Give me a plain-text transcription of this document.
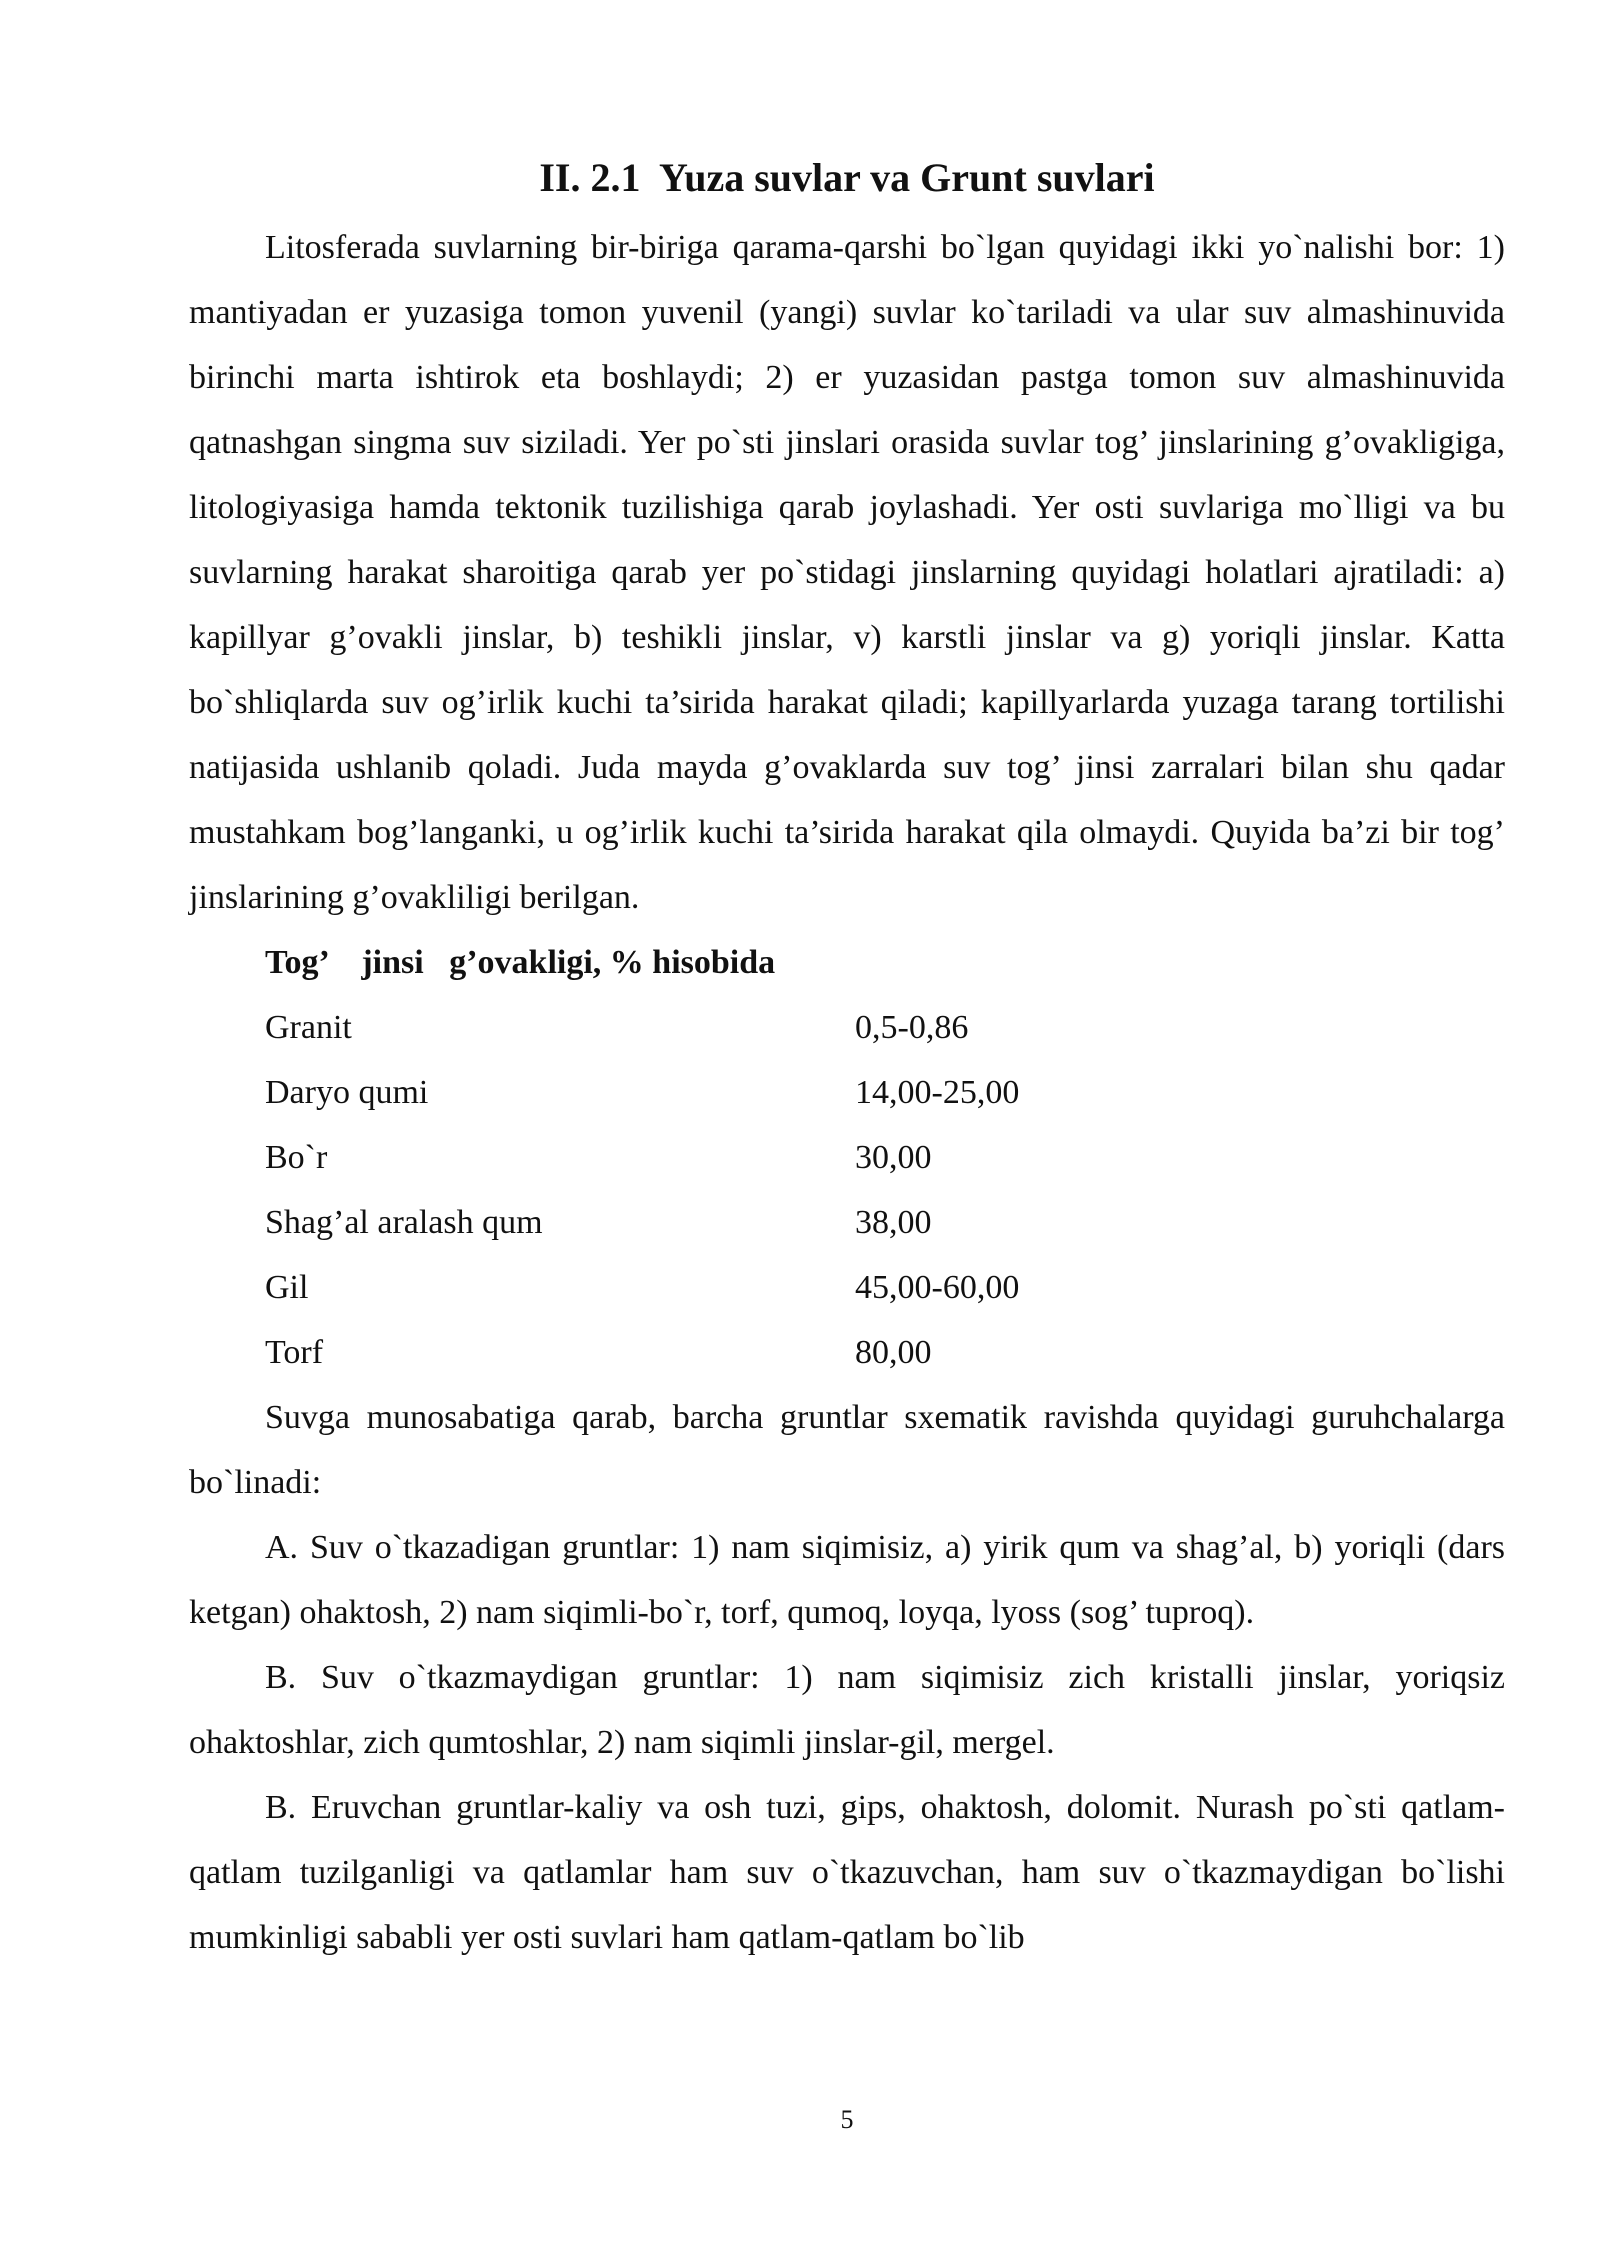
II. 2.1  Yuza suvlar va Grunt suvlari

Litosferada suvlarning bir-biriga qarama-qarshi bo`lgan quyidagi ikki yo`nalishi bor: 1) mantiyadan er yuzasiga tomon yuvenil (yangi) suvlar ko`tariladi va ular suv almashinuvida birinchi marta ishtirok eta boshlaydi; 2) er yuzasidan pastga tomon suv almashinuvida qatnashgan singma suv siziladi. Yer po`sti jinslari orasida suvlar tog’ jinslarining g’ovakligiga, litologiyasiga hamda tektonik tuzilishiga qarab joylashadi. Yer osti suvlariga mo`lligi va bu suvlarning harakat sharoitiga qarab yer po`stidagi jinslarning quyidagi holatlari ajratiladi: a) kapillyar g’ovakli jinslar, b) teshikli jinslar, v) karstli jinslar va g) yoriqli jinslar. Katta bo`shliqlarda suv og’irlik kuchi ta’sirida harakat qiladi; kapillyarlarda yuzaga tarang tortilishi natijasida ushlanib qoladi. Juda mayda g’ovaklarda suv tog’ jinsi zarralari bilan shu qadar mustahkam bog’langanki, u og’irlik kuchi ta’sirida harakat qila olmaydi. Quyida ba’zi bir tog’ jinslarining g’ovakliligi berilgan.

Tog’    jinsi   g’ovakligi, % hisobida
Granit	0,5-0,86
Daryo qumi	14,00-25,00
Bo`r	30,00
Shag’al aralash qum	38,00
Gil	45,00-60,00
Torf	80,00

Suvga munosabatiga qarab, barcha gruntlar sxematik ravishda quyidagi guruhchalarga bo`linadi:

A. Suv o`tkazadigan gruntlar: 1) nam siqimisiz, a) yirik qum va shag’al, b) yoriqli (dars ketgan) ohaktosh, 2) nam siqimli-bo`r, torf, qumoq, loyqa, lyoss (sog’ tuproq).

B. Suv o`tkazmaydigan gruntlar: 1) nam siqimisiz zich kristalli jinslar, yoriqsiz ohaktoshlar, zich qumtoshlar, 2) nam siqimli jinslar-gil, mergel.

B. Eruvchan gruntlar-kaliy va osh tuzi, gips, ohaktosh, dolomit. Nurash po`sti qatlam-qatlam tuzilganligi va qatlamlar ham suv o`tkazuvchan, ham suv o`tkazmaydigan bo`lishi mumkinligi sababli yer osti suvlari ham qatlam-qatlam bo`lib

5
